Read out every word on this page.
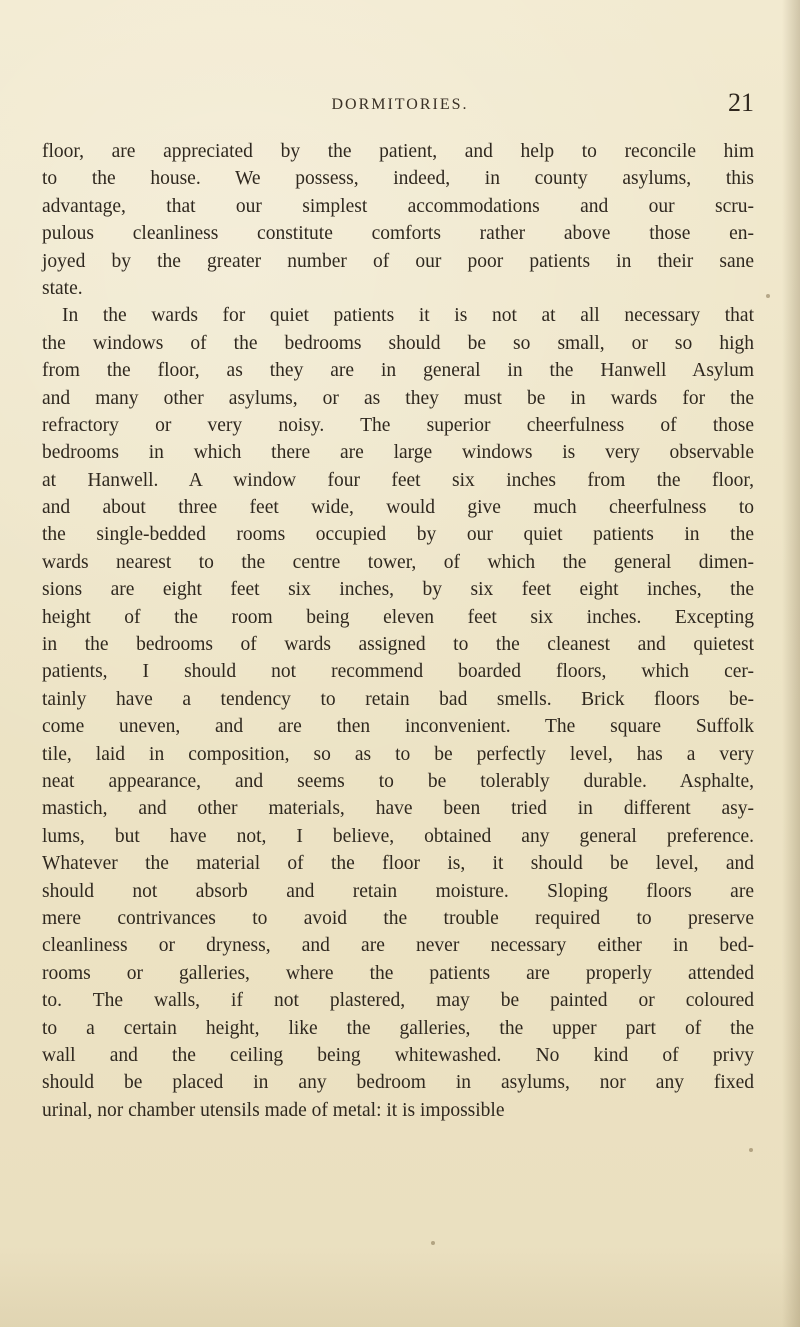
DORMITORIES.	21
floor, are appreciated by the patient, and help to reconcile him
to the house. We possess, indeed, in county asylums, this
advantage, that our simplest accommodations and our scru-
pulous cleanliness constitute comforts rather above those en-
joyed by the greater number of our poor patients in their sane
state.
In the wards for quiet patients it is not at all necessary that
the windows of the bedrooms should be so small, or so high
from the floor, as they are in general in the Hanwell Asylum
and many other asylums, or as they must be in wards for the
refractory or very noisy. The superior cheerfulness of those
bedrooms in which there are large windows is very observable
at Hanwell. A window four feet six inches from the floor,
and about three feet wide, would give much cheerfulness to
the single-bedded rooms occupied by our quiet patients in the
wards nearest to the centre tower, of which the general dimen-
sions are eight feet six inches, by six feet eight inches, the
height of the room being eleven feet six inches. Excepting
in the bedrooms of wards assigned to the cleanest and quietest
patients, I should not recommend boarded floors, which cer-
tainly have a tendency to retain bad smells. Brick floors be-
come uneven, and are then inconvenient. The square Suffolk
tile, laid in composition, so as to be perfectly level, has a very
neat appearance, and seems to be tolerably durable. Asphalte,
mastich, and other materials, have been tried in different asy-
lums, but have not, I believe, obtained any general preference.
Whatever the material of the floor is, it should be level, and
should not absorb and retain moisture. Sloping floors are
mere contrivances to avoid the trouble required to preserve
cleanliness or dryness, and are never necessary either in bed-
rooms or galleries, where the patients are properly attended
to. The walls, if not plastered, may be painted or coloured
to a certain height, like the galleries, the upper part of the
wall and the ceiling being whitewashed. No kind of privy
should be placed in any bedroom in asylums, nor any fixed
urinal, nor chamber utensils made of metal: it is impossible
